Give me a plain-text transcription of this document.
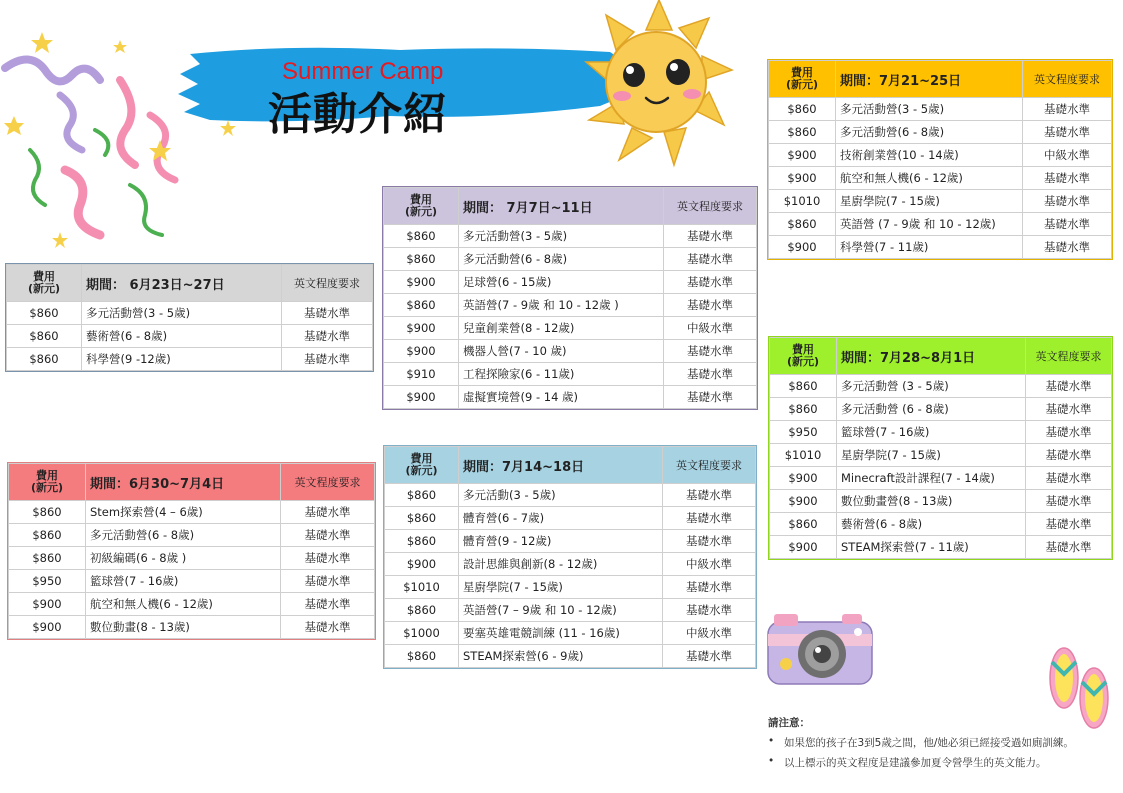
Summer Camp
活動介紹
費用
(新元)	期間： 6月23日~27日	英文程度要求
$860	多元活動營(3 - 5歲)	基礎水準
$860	藝術營(6 - 8歲)	基礎水準
$860	科學營(9 -12歲)	基礎水準
費用
(新元)	期間： 7月7日~11日	英文程度要求
$860	多元活動營(3 - 5歲)	基礎水準
$860	多元活動營(6 - 8歲)	基礎水準
$900	足球營(6 - 15歲)	基礎水準
$860	英語營(7 - 9歲 和 10 - 12歲 )	基礎水準
$900	兒童創業營(8 - 12歲)	中級水準
$900	機器人營(7 - 10 歲)	基礎水準
$910	工程探險家(6 - 11歲)	基礎水準
$900	虛擬實境營(9 - 14 歲)	基礎水準
費用
(新元)	期間：6月30~7月4日	英文程度要求
$860	Stem探索營(4 – 6歲)	基礎水準
$860	多元活動營(6 - 8歲)	基礎水準
$860	初級編碼(6 - 8歲 )	基礎水準
$950	籃球營(7 - 16歲)	基礎水準
$900	航空和無人機(6 - 12歲)	基礎水準
$900	數位動畫(8 - 13歲)	基礎水準
費用
(新元)	期間：7月14~18日	英文程度要求
$860	多元活動(3 - 5歲)	基礎水準
$860	體育營(6 - 7歲)	基礎水準
$860	體育營(9 - 12歲)	基礎水準
$900	設計思維與創新(8 - 12歲)	中級水準
$1010	星廚學院(7 - 15歲)	基礎水準
$860	英語營(7 – 9歲 和 10 - 12歲)	基礎水準
$1000	要塞英雄電競訓練 (11 - 16歲)	中級水準
$860	STEAM探索營(6 - 9歲)	基礎水準
費用
(新元)	期間：7月21~25日	英文程度要求
$860	多元活動營(3 - 5歲)	基礎水準
$860	多元活動營(6 - 8歲)	基礎水準
$900	技術創業營(10 - 14歲)	中級水準
$900	航空和無人機(6 - 12歲)	基礎水準
$1010	星廚學院(7 - 15歲)	基礎水準
$860	英語營 (7 - 9歲 和 10 - 12歲)	基礎水準
$900	科學營(7 - 11歲)	基礎水準
費用
(新元)	期間：7月28~8月1日	英文程度要求
$860	多元活動營 (3 - 5歲)	基礎水準
$860	多元活動營 (6 - 8歲)	基礎水準
$950	籃球營(7 - 16歲)	基礎水準
$1010	星廚學院(7 - 15歲)	基礎水準
$900	Minecraft設計課程(7 - 14歲)	基礎水準
$900	數位動畫營(8 - 13歲)	基礎水準
$860	藝術營(6 - 8歲)	基礎水準
$900	STEAM探索營(7 - 11歲)	基礎水準
請注意：
• 如果您的孩子在3到5歲之間，他/她必須已經接受過如廁訓練。
• 以上標示的英文程度是建議參加夏令營學生的英文能力。
